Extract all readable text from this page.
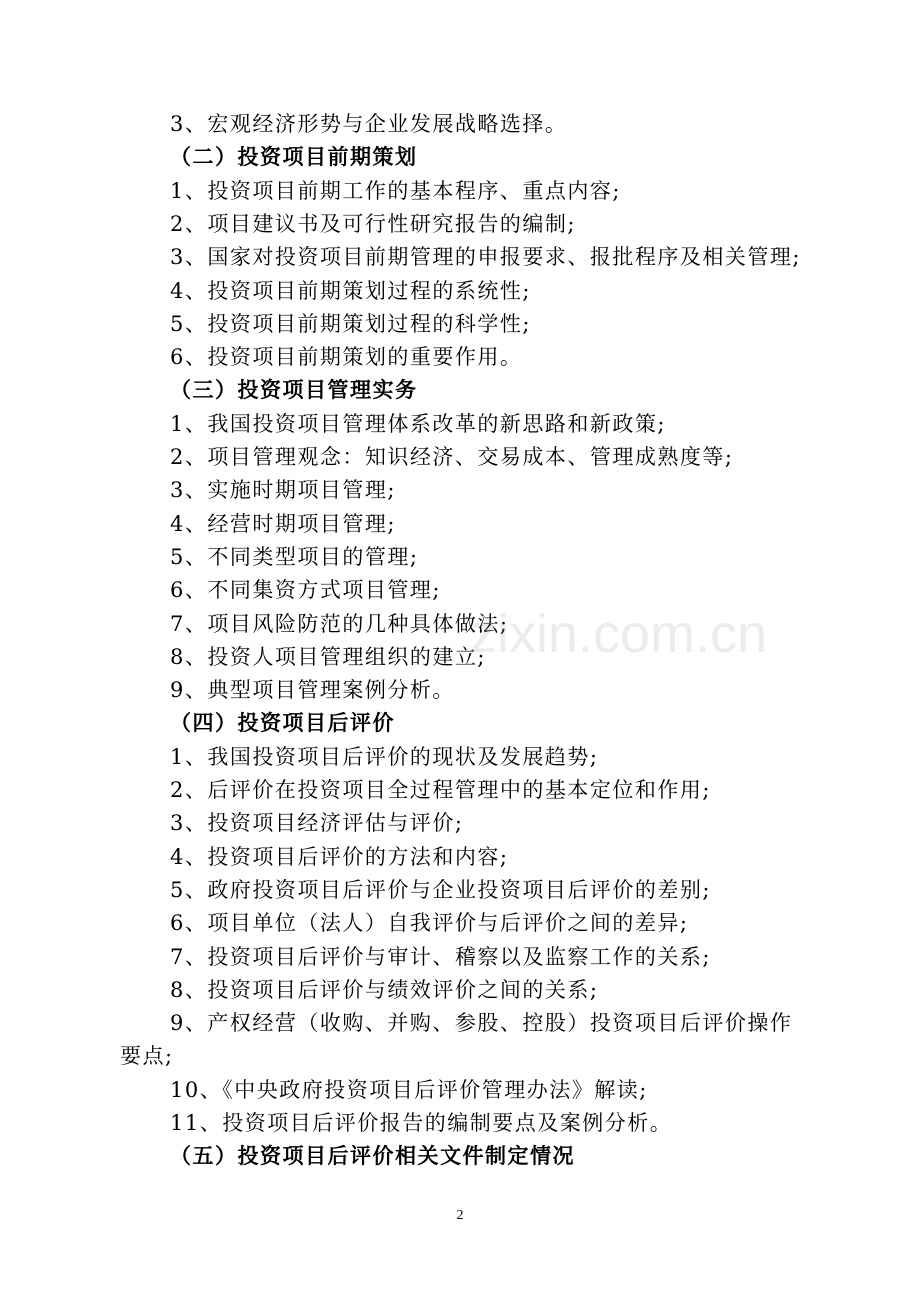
3、宏观经济形势与企业发展战略选择。
（二）投资项目前期策划
1、投资项目前期工作的基本程序、重点内容;
2、项目建议书及可行性研究报告的编制;
3、国家对投资项目前期管理的申报要求、报批程序及相关管理;
4、投资项目前期策划过程的系统性;
5、投资项目前期策划过程的科学性;
6、投资项目前期策划的重要作用。
（三）投资项目管理实务
1、我国投资项目管理体系改革的新思路和新政策;
2、项目管理观念：知识经济、交易成本、管理成熟度等;
3、实施时期项目管理;
4、经营时期项目管理;
5、不同类型项目的管理;
6、不同集资方式项目管理;
7、项目风险防范的几种具体做法;
8、投资人项目管理组织的建立;
9、典型项目管理案例分析。
（四）投资项目后评价
1、我国投资项目后评价的现状及发展趋势;
2、后评价在投资项目全过程管理中的基本定位和作用;
3、投资项目经济评估与评价;
4、投资项目后评价的方法和内容;
5、政府投资项目后评价与企业投资项目后评价的差别;
6、项目单位（法人）自我评价与后评价之间的差异;
7、投资项目后评价与审计、稽察以及监察工作的关系;
8、投资项目后评价与绩效评价之间的关系;
9、产权经营（收购、并购、参股、控股）投资项目后评价操作
要点;
10、《中央政府投资项目后评价管理办法》解读;
11、投资项目后评价报告的编制要点及案例分析。
（五）投资项目后评价相关文件制定情况
zixin.com.cn
2
